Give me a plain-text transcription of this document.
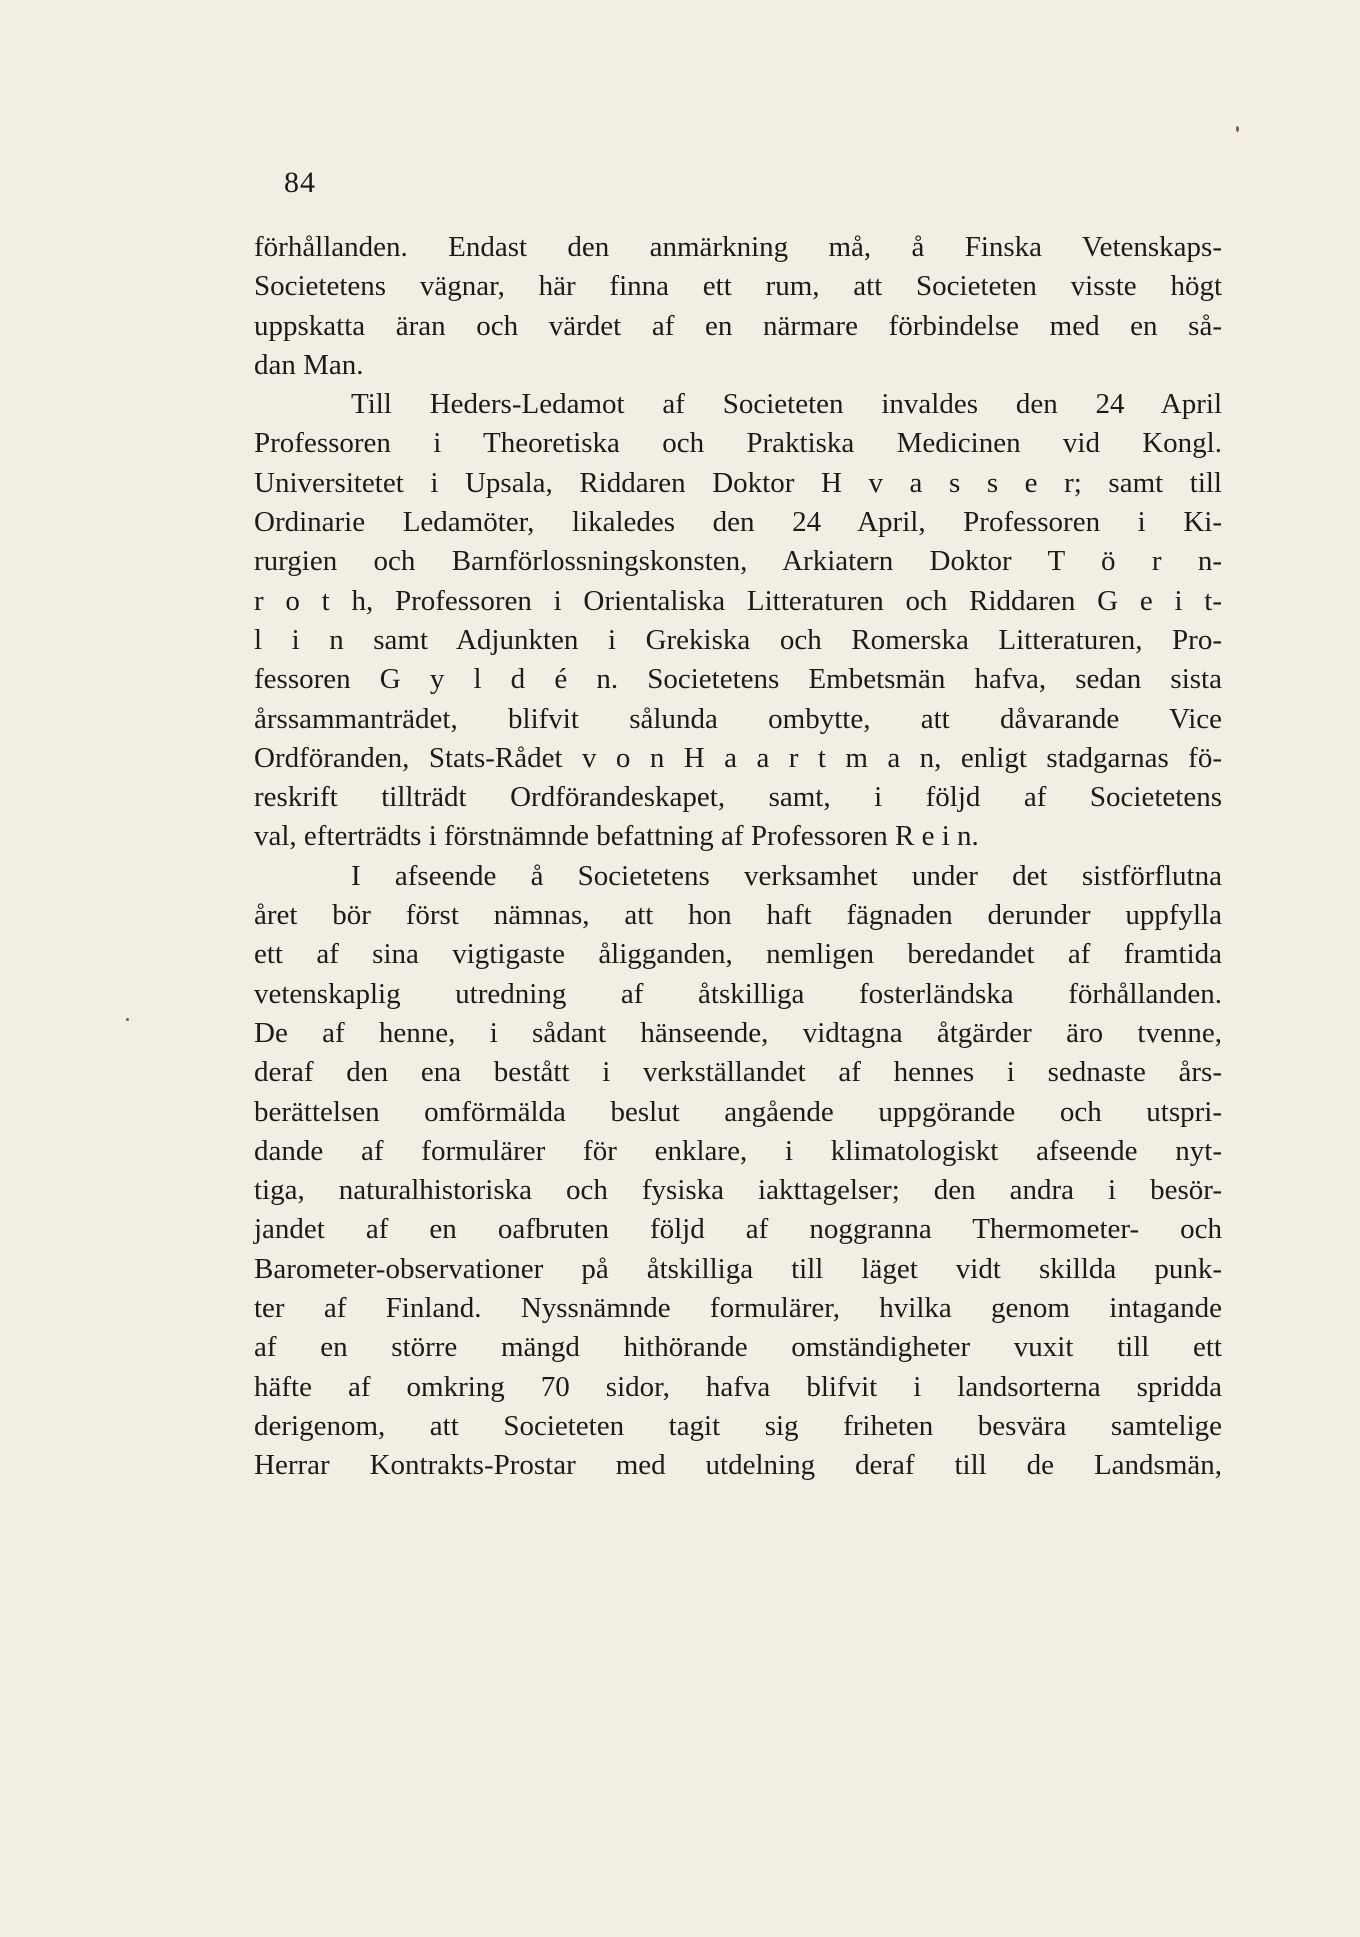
84
förhållanden. Endast den anmärkning må, å Finska Vetenskaps-
Societetens vägnar, här finna ett rum, att Societeten visste högt
uppskatta äran och värdet af en närmare förbindelse med en så-
dan Man.
Till Heders-Ledamot af Societeten invaldes den 24 April
Professoren i Theoretiska och Praktiska Medicinen vid Kongl.
Universitetet i Upsala, Riddaren Doktor H v a s s e r; samt till
Ordinarie Ledamöter, likaledes den 24 April, Professoren i Ki-
rurgien och Barnförlossningskonsten, Arkiatern Doktor T ö r n-
r o t h, Professoren i Orientaliska Litteraturen och Riddaren G e i t-
l i n samt Adjunkten i Grekiska och Romerska Litteraturen, Pro-
fessoren G y l d é n. Societetens Embetsmän hafva, sedan sista
årssammanträdet, blifvit sålunda ombytte, att dåvarande Vice
Ordföranden, Stats-Rådet v o n H a a r t m a n, enligt stadgarnas fö-
reskrift tillträdt Ordförandeskapet, samt, i följd af Societetens
val, efterträdts i förstnämnde befattning af Professoren R e i n.
I afseende å Societetens verksamhet under det sistförflutna
året bör först nämnas, att hon haft fägnaden derunder uppfylla
ett af sina vigtigaste åligganden, nemligen beredandet af framtida
vetenskaplig utredning af åtskilliga fosterländska förhållanden.
De af henne, i sådant hänseende, vidtagna åtgärder äro tvenne,
deraf den ena bestått i verkställandet af hennes i sednaste års-
berättelsen omförmälda beslut angående uppgörande och utspri-
dande af formulärer för enklare, i klimatologiskt afseende nyt-
tiga, naturalhistoriska och fysiska iakttagelser; den andra i besör-
jandet af en oafbruten följd af noggranna Thermometer- och
Barometer-observationer på åtskilliga till läget vidt skillda punk-
ter af Finland. Nyssnämnde formulärer, hvilka genom intagande
af en större mängd hithörande omständigheter vuxit till ett
häfte af omkring 70 sidor, hafva blifvit i landsorterna spridda
derigenom, att Societeten tagit sig friheten besvära samtelige
Herrar Kontrakts-Prostar med utdelning deraf till de Landsmän,
